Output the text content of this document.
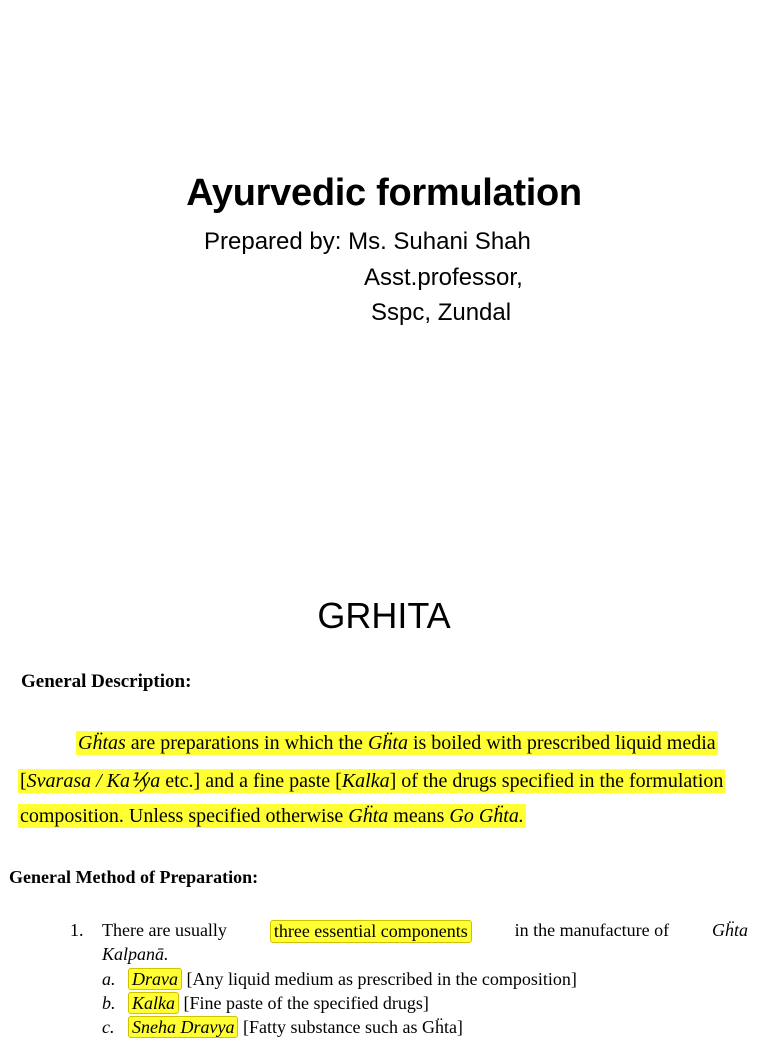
Ayurvedic formulation
Prepared by: Ms. Suhani Shah
Asst.professor,
Sspc, Zundal
GRHITA
General Description:
Gḧtas are preparations in which the Gḧta is boiled with prescribed liquid media
[Svarasa / Ka⅟ya etc.] and a fine paste [Kalka] of the drugs specified in the formulation
composition. Unless specified otherwise Gḧta means Go Gḧta.
General Method of Preparation:
1. There are usually	three essential components	in the manufacture of Gḧta
Kalpanā.
a. Drava [Any liquid medium as prescribed in the composition]
b. Kalka [Fine paste of the specified drugs]
c. Sneha Dravya [Fatty substance such as Gḧta]
